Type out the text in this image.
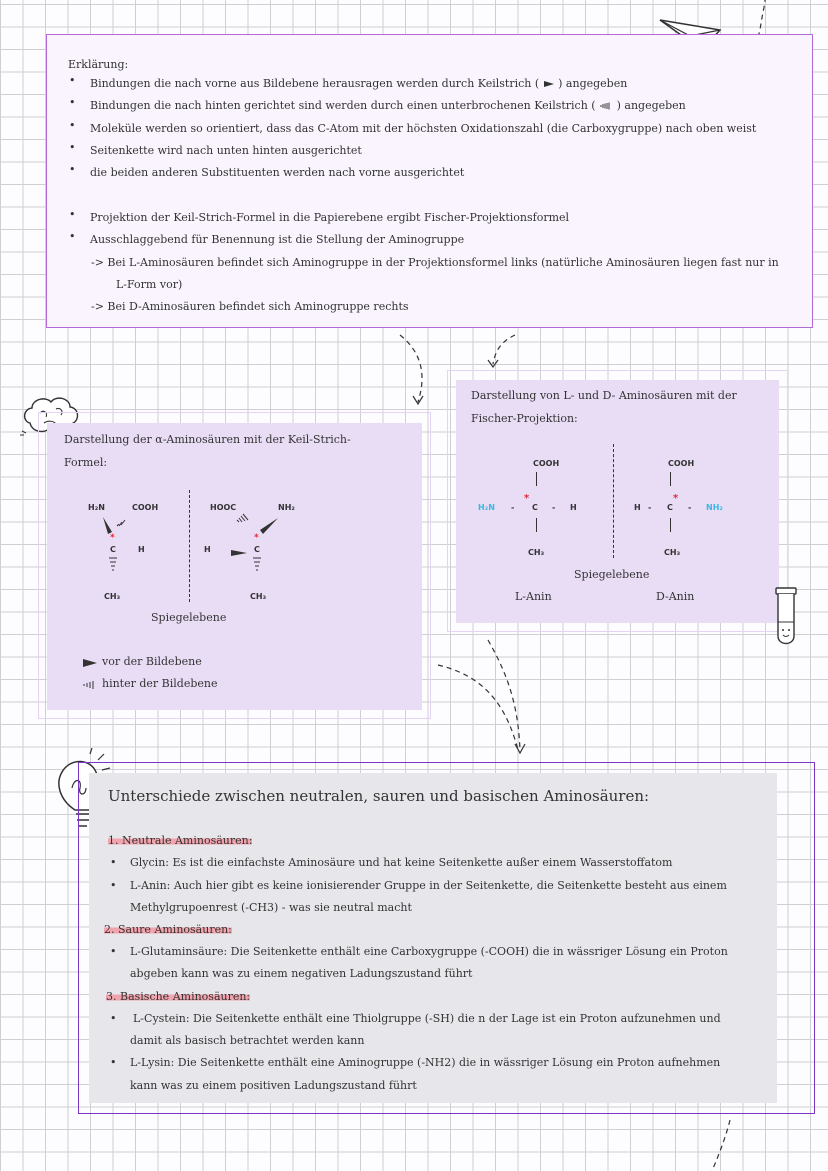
Erklärung:
Bindungen die nach vorne aus Bildebene herausragen werden durch Keilstrich ( ) angegeben
Bindungen die nach hinten gerichtet sind werden durch einen unterbrochenen Keilstrich ( ) angegeben
Moleküle werden so orientiert, dass das C-Atom mit der höchsten Oxidationszahl (die Carboxygruppe) nach oben weist
Seitenkette wird nach unten hinten ausgerichtet
die beiden anderen Substituenten werden nach vorne ausgerichtet
Projektion der Keil-Strich-Formel in die Papierebene ergibt Fischer-Projektionsformel
Ausschlaggebend für Benennung ist die Stellung der Aminogruppe
•
•
•
•
•
•
•
-> Bei L-Aminosäuren befindet sich Aminogruppe in der Projektionsformel links (natürliche Aminosäuren liegen fast nur in
L-Form vor)
-> Bei D-Aminosäuren befindet sich Aminogruppe rechts
Darstellung der α-Aminosäuren mit der Keil-Strich-
Formel:
H₂N	COOH
C	H
CH₃
*
HOOC	NH₂
H	C
CH₃
*
Spiegelebene
vor der Bildebene
hinter der Bildebene
Darstellung von L- und D- Aminosäuren mit der
Fischer-Projektion:
COOH
H₂N -
*
C - H
CH₃
COOH
H - C
*
- NH₂
CH₃
Spiegelebene
L-Anin	D-Anin
Unterschiede zwischen neutralen, sauren und basischen Aminosäuren:
1. Neutrale Aminosäuren:
• Glycin: Es ist die einfachste Aminosäure und hat keine Seitenkette außer einem Wasserstoffatom
• L-Anin: Auch hier gibt es keine ionisierender Gruppe in der Seitenkette, die Seitenkette besteht aus einem
Methylgrupoenrest (-CH3) - was sie neutral macht
2. Saure Aminosäuren:
• L-Glutaminsäure: Die Seitenkette enthält eine Carboxygruppe (-COOH) die in wässriger Lösung ein Proton
abgeben kann was zu einem negativen Ladungszustand führt
3. Basische Aminosäuren:
• L-Cystein: Die Seitenkette enthält eine Thiolgruppe (-SH) die n der Lage ist ein Proton aufzunehmen und
damit als basisch betrachtet werden kann
• L-Lysin: Die Seitenkette enthält eine Aminogruppe (-NH2) die in wässriger Lösung ein Proton aufnehmen
kann was zu einem positiven Ladungszustand führt
